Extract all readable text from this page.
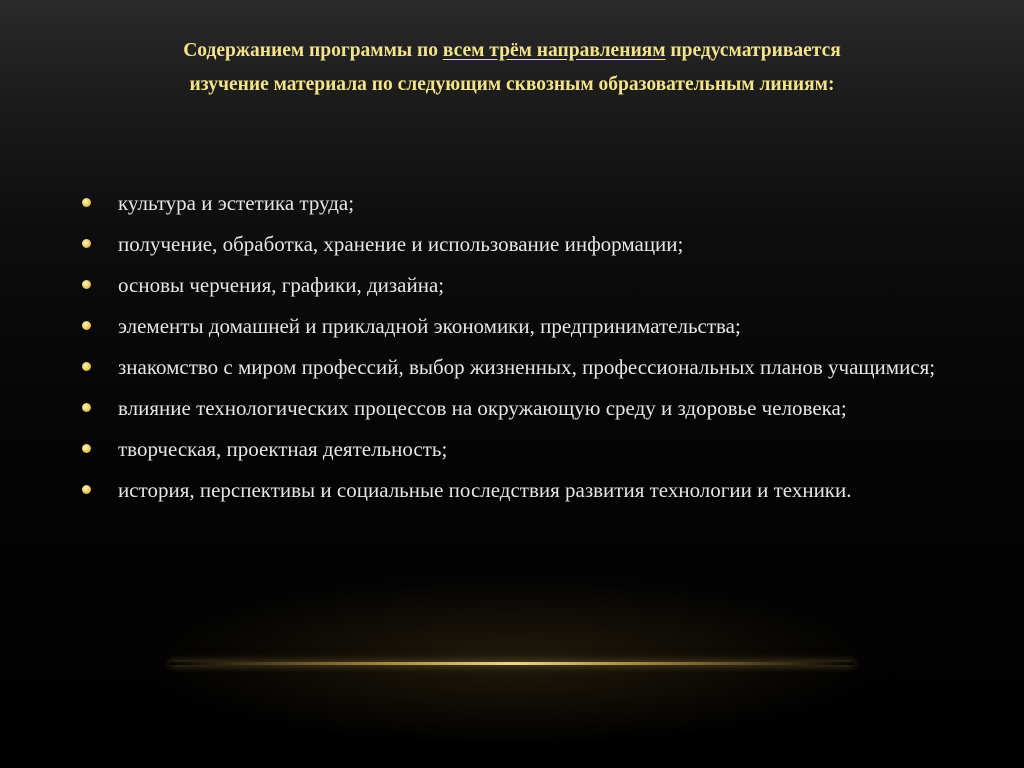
Содержанием программы по всем трём направлениям предусматривается изучение материала по следующим сквозным образовательным линиям:
культура и эстетика труда;
получение, обработка, хранение и использование информации;
основы черчения, графики, дизайна;
элементы домашней и прикладной экономики, предпринимательства;
знакомство с миром профессий, выбор жизненных, профессиональных планов учащимися;
влияние технологических процессов на окружающую среду и здоровье человека;
творческая, проектная деятельность;
история, перспективы и социальные последствия развития технологии и техники.
